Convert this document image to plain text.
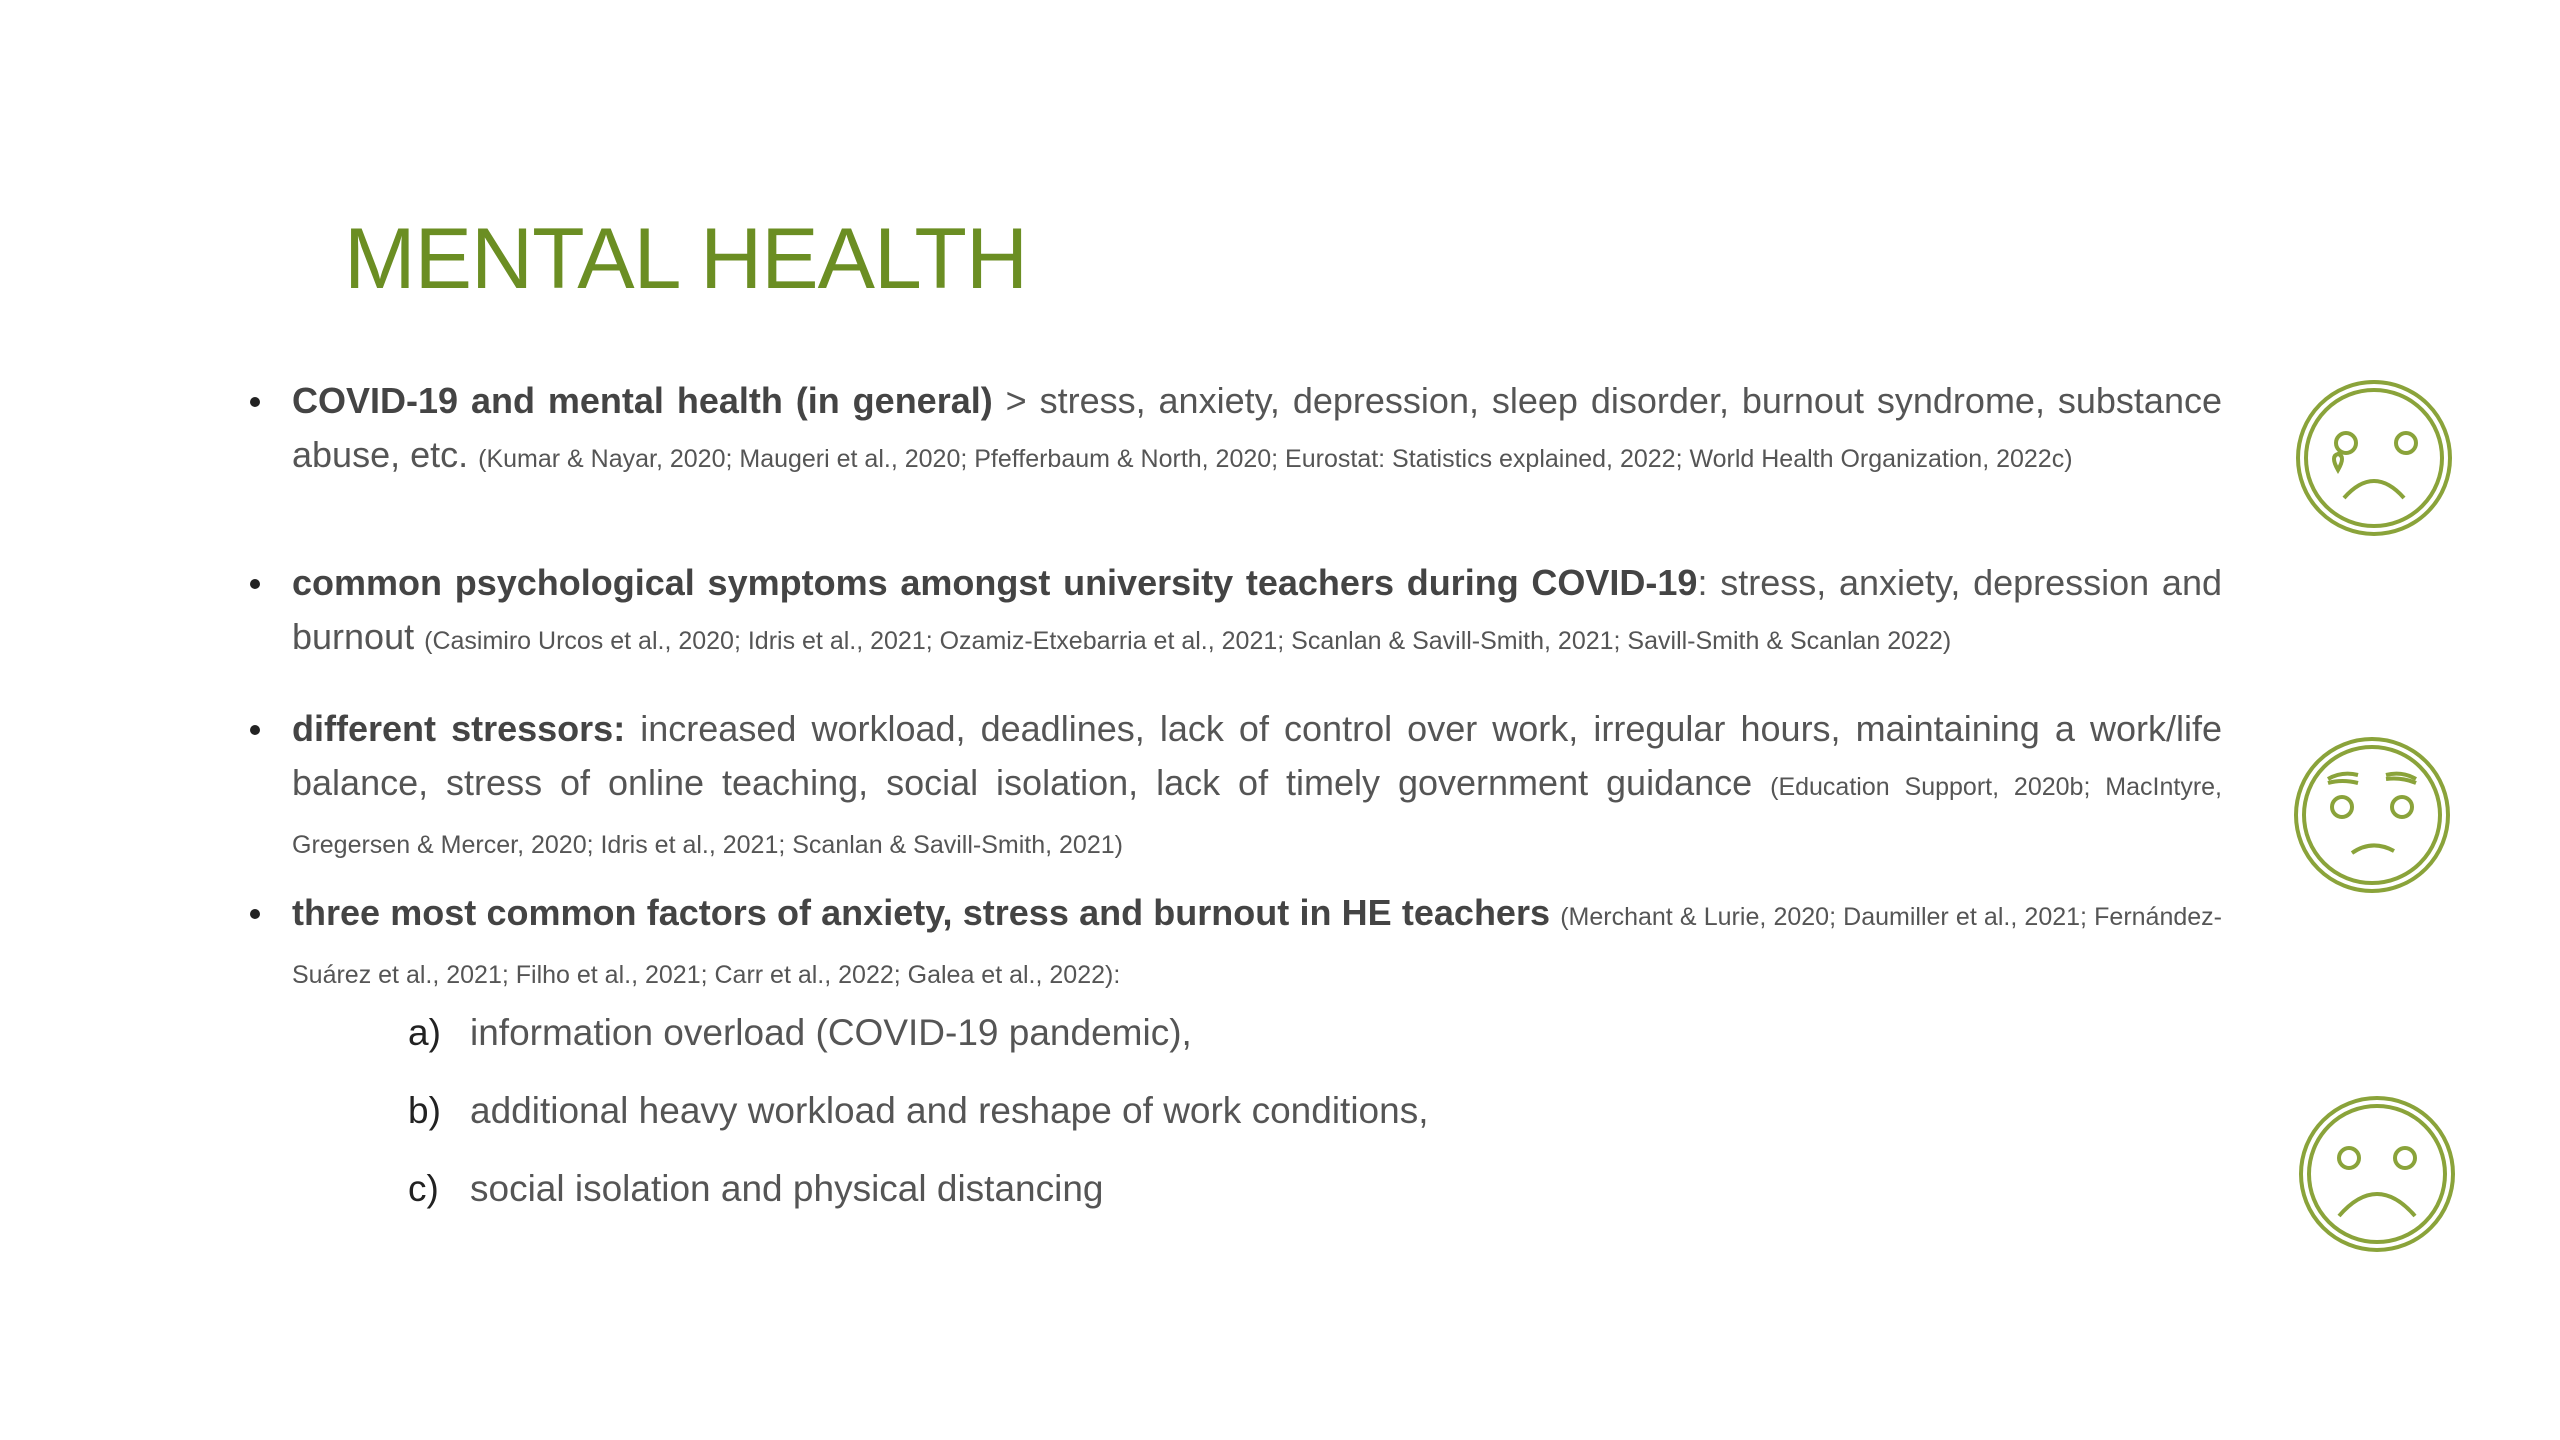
MENTAL HEALTH
COVID-19 and mental health (in general) > stress, anxiety, depression, sleep disorder, burnout syndrome, substance abuse, etc. (Kumar & Nayar, 2020; Maugeri et al., 2020; Pfefferbaum & North, 2020; Eurostat: Statistics explained, 2022; World Health Organization, 2022c)
common psychological symptoms amongst university teachers during COVID-19: stress, anxiety, depression and burnout (Casimiro Urcos et al., 2020; Idris et al., 2021; Ozamiz-Etxebarria et al., 2021; Scanlan & Savill-Smith, 2021; Savill-Smith & Scanlan 2022)
different stressors: increased workload, deadlines, lack of control over work, irregular hours, maintaining a work/life balance, stress of online teaching, social isolation, lack of timely government guidance (Education Support, 2020b; MacIntyre, Gregersen & Mercer, 2020; Idris et al., 2021; Scanlan & Savill-Smith, 2021)
three most common factors of anxiety, stress and burnout in HE teachers (Merchant & Lurie, 2020; Daumiller et al., 2021; Fernández-Suárez et al., 2021; Filho et al., 2021; Carr et al., 2022; Galea et al., 2022):
a) information overload (COVID-19 pandemic),
b) additional heavy workload and reshape of work conditions,
c) social isolation and physical distancing
